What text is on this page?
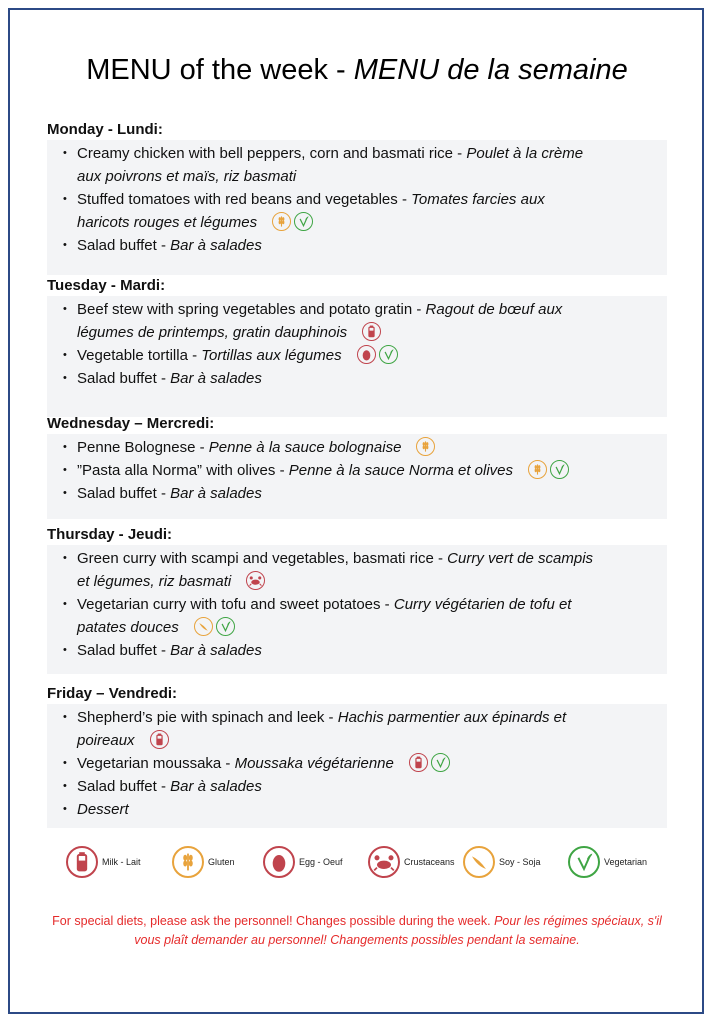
MENU of the week - MENU de la semaine
Monday - Lundi:
• Creamy chicken with bell peppers, corn and basmati rice - Poulet à la crème
aux poivrons et maïs, riz basmati
• Stuffed tomatoes with red beans and vegetables - Tomates farcies aux
haricots rouges et légumes
• Salad buffet - Bar à salades
Tuesday - Mardi:
• Beef stew with spring vegetables and potato gratin - Ragout de bœuf aux
légumes de printemps, gratin dauphinois
• Vegetable tortilla - Tortillas aux légumes
• Salad buffet - Bar à salades
Wednesday – Mercredi:
• Penne Bolognese - Penne à la sauce bolognaise
• ”Pasta alla Norma” with olives - Penne à la sauce Norma et olives
• Salad buffet - Bar à salades
Thursday - Jeudi:
• Green curry with scampi and vegetables, basmati rice - Curry vert de scampis
et légumes, riz basmati
• Vegetarian curry with tofu and sweet potatoes - Curry végétarien de tofu et
patates douces
• Salad buffet - Bar à salades
Friday – Vendredi:
• Shepherd’s pie with spinach and leek - Hachis parmentier aux épinards et
poireaux
• Vegetarian moussaka - Moussaka végétarienne
• Salad buffet - Bar à salades
• Dessert
Milk - Lait	Gluten	Egg - Oeuf	Crustaceans	Soy - Soja	Vegetarian
For special diets, please ask the personnel! Changes possible during the week. Pour les régimes spéciaux, s'il vous plaît demander au personnel! Changements possibles pendant la semaine.
